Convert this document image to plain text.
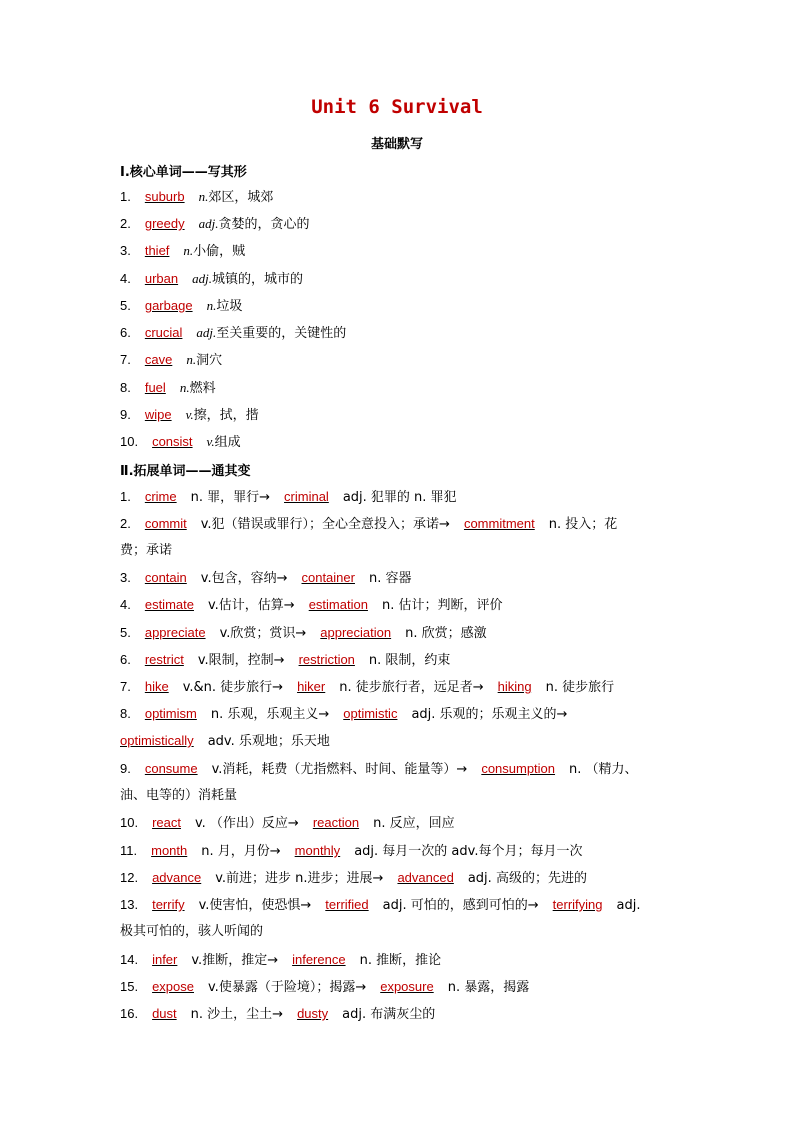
Unit 6 Survival
基础默写
Ⅰ.核心单词——写其形
1. suburb n.郊区，城郊
2. greedy adj.贪婪的，贪心的
3. thief n.小偷，贼
4. urban adj.城镇的，城市的
5. garbage n.垃圾
6. crucial adj.至关重要的，关键性的
7. cave n.洞穴
8. fuel n.燃料
9. wipe v.擦，拭，揩
10. consist v.组成
Ⅱ.拓展单词——通其变
1. crime n. 罪，罪行→ criminal adj. 犯罪的 n. 罪犯
2. commit v.犯（错误或罪行）；全心全意投入；承诺→ commitment n. 投入；花
费；承诺
3. contain v.包含，容纳→ container n. 容器
4. estimate v.估计，估算→ estimation n. 估计；判断，评价
5. appreciate v.欣赏；赏识→ appreciation n. 欣赏；感激
6. restrict v.限制，控制→ restriction n. 限制，约束
7. hike v.&n. 徒步旅行→ hiker n. 徒步旅行者，远足者→ hiking n. 徒步旅行
8. optimism n. 乐观，乐观主义→ optimistic adj. 乐观的；乐观主义的→
optimistically adv. 乐观地；乐天地
9. consume v.消耗，耗费（尤指燃料、时间、能量等）→ consumption n. （精力、
油、电等的）消耗量
10. react v. （作出）反应→ reaction n. 反应，回应
11. month n. 月，月份→ monthly adj. 每月一次的 adv.每个月；每月一次
12. advance v.前进；进步 n.进步；进展→ advanced adj. 高级的；先进的
13. terrify v.使害怕，使恐惧→ terrified adj. 可怕的，感到可怕的→ terrifying adj.
极其可怕的，骇人听闻的
14. infer v.推断，推定→ inference n. 推断，推论
15. expose v.使暴露（于险境）；揭露→ exposure n. 暴露，揭露
16. dust n. 沙土，尘土→ dusty adj. 布满灰尘的
